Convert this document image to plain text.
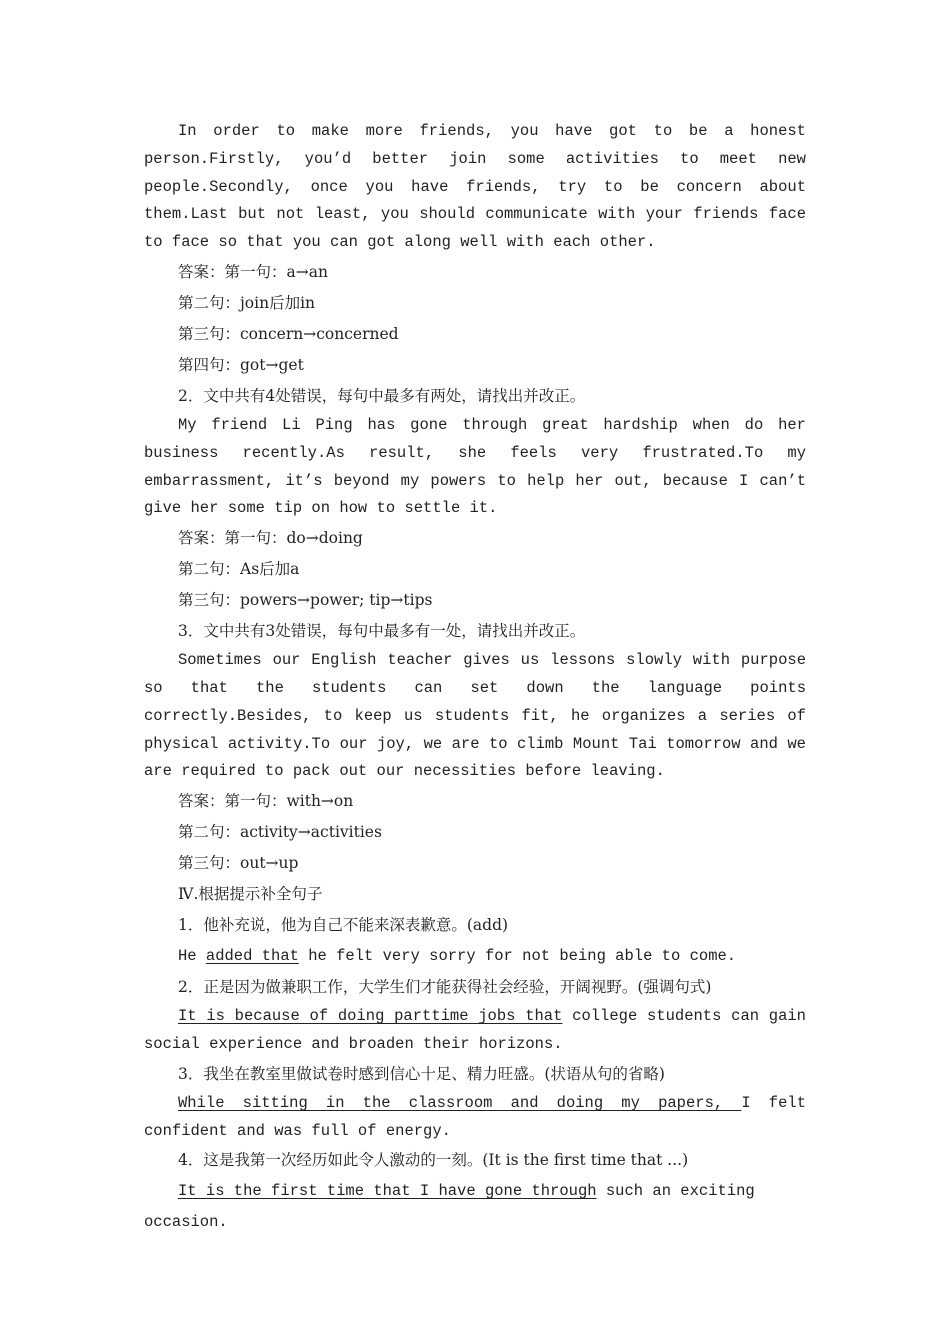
In order to make more friends, you have got to be a honest person.Firstly, you’d better join some activities to meet new people.Secondly, once you have friends, try to be concern about them.Last but not least, you should communicate with your friends face to face so that you can got along well with each other.

答案：第一句：a→an

第二句：join后加in

第三句：concern→concerned

第四句：got→get

2．文中共有4处错误，每句中最多有两处，请找出并改正。

My friend Li Ping has gone through great hardship when do her business recently.As result, she feels very frustrated.To my embarrassment, it’s beyond my powers to help her out, because I can’t give her some tip on how to settle it.

答案：第一句：do→doing

第二句：As后加a

第三句：powers→power; tip→tips

3．文中共有3处错误，每句中最多有一处，请找出并改正。

Sometimes our English teacher gives us lessons slowly with purpose so that the students can set down the language points correctly.Besides, to keep us students fit, he organizes a series of physical activity.To our joy, we are to climb Mount Tai tomorrow and we are required to pack out our necessities before leaving.

答案：第一句：with→on

第二句：activity→activities

第三句：out→up

Ⅳ.根据提示补全句子

1．他补充说，他为自己不能来深表歉意。(add)

He added that he felt very sorry for not being able to come.

2．正是因为做兼职工作，大学生们才能获得社会经验，开阔视野。(强调句式)

It is because of doing parttime jobs that college students can gain social experience and broaden their horizons.

3．我坐在教室里做试卷时感到信心十足、精力旺盛。(状语从句的省略)

While sitting in the classroom and doing my papers, I felt confident and was full of energy.

4．这是我第一次经历如此令人激动的一刻。(It is the first time that ...)

It is the first time that I have gone through such an exciting occasion.
